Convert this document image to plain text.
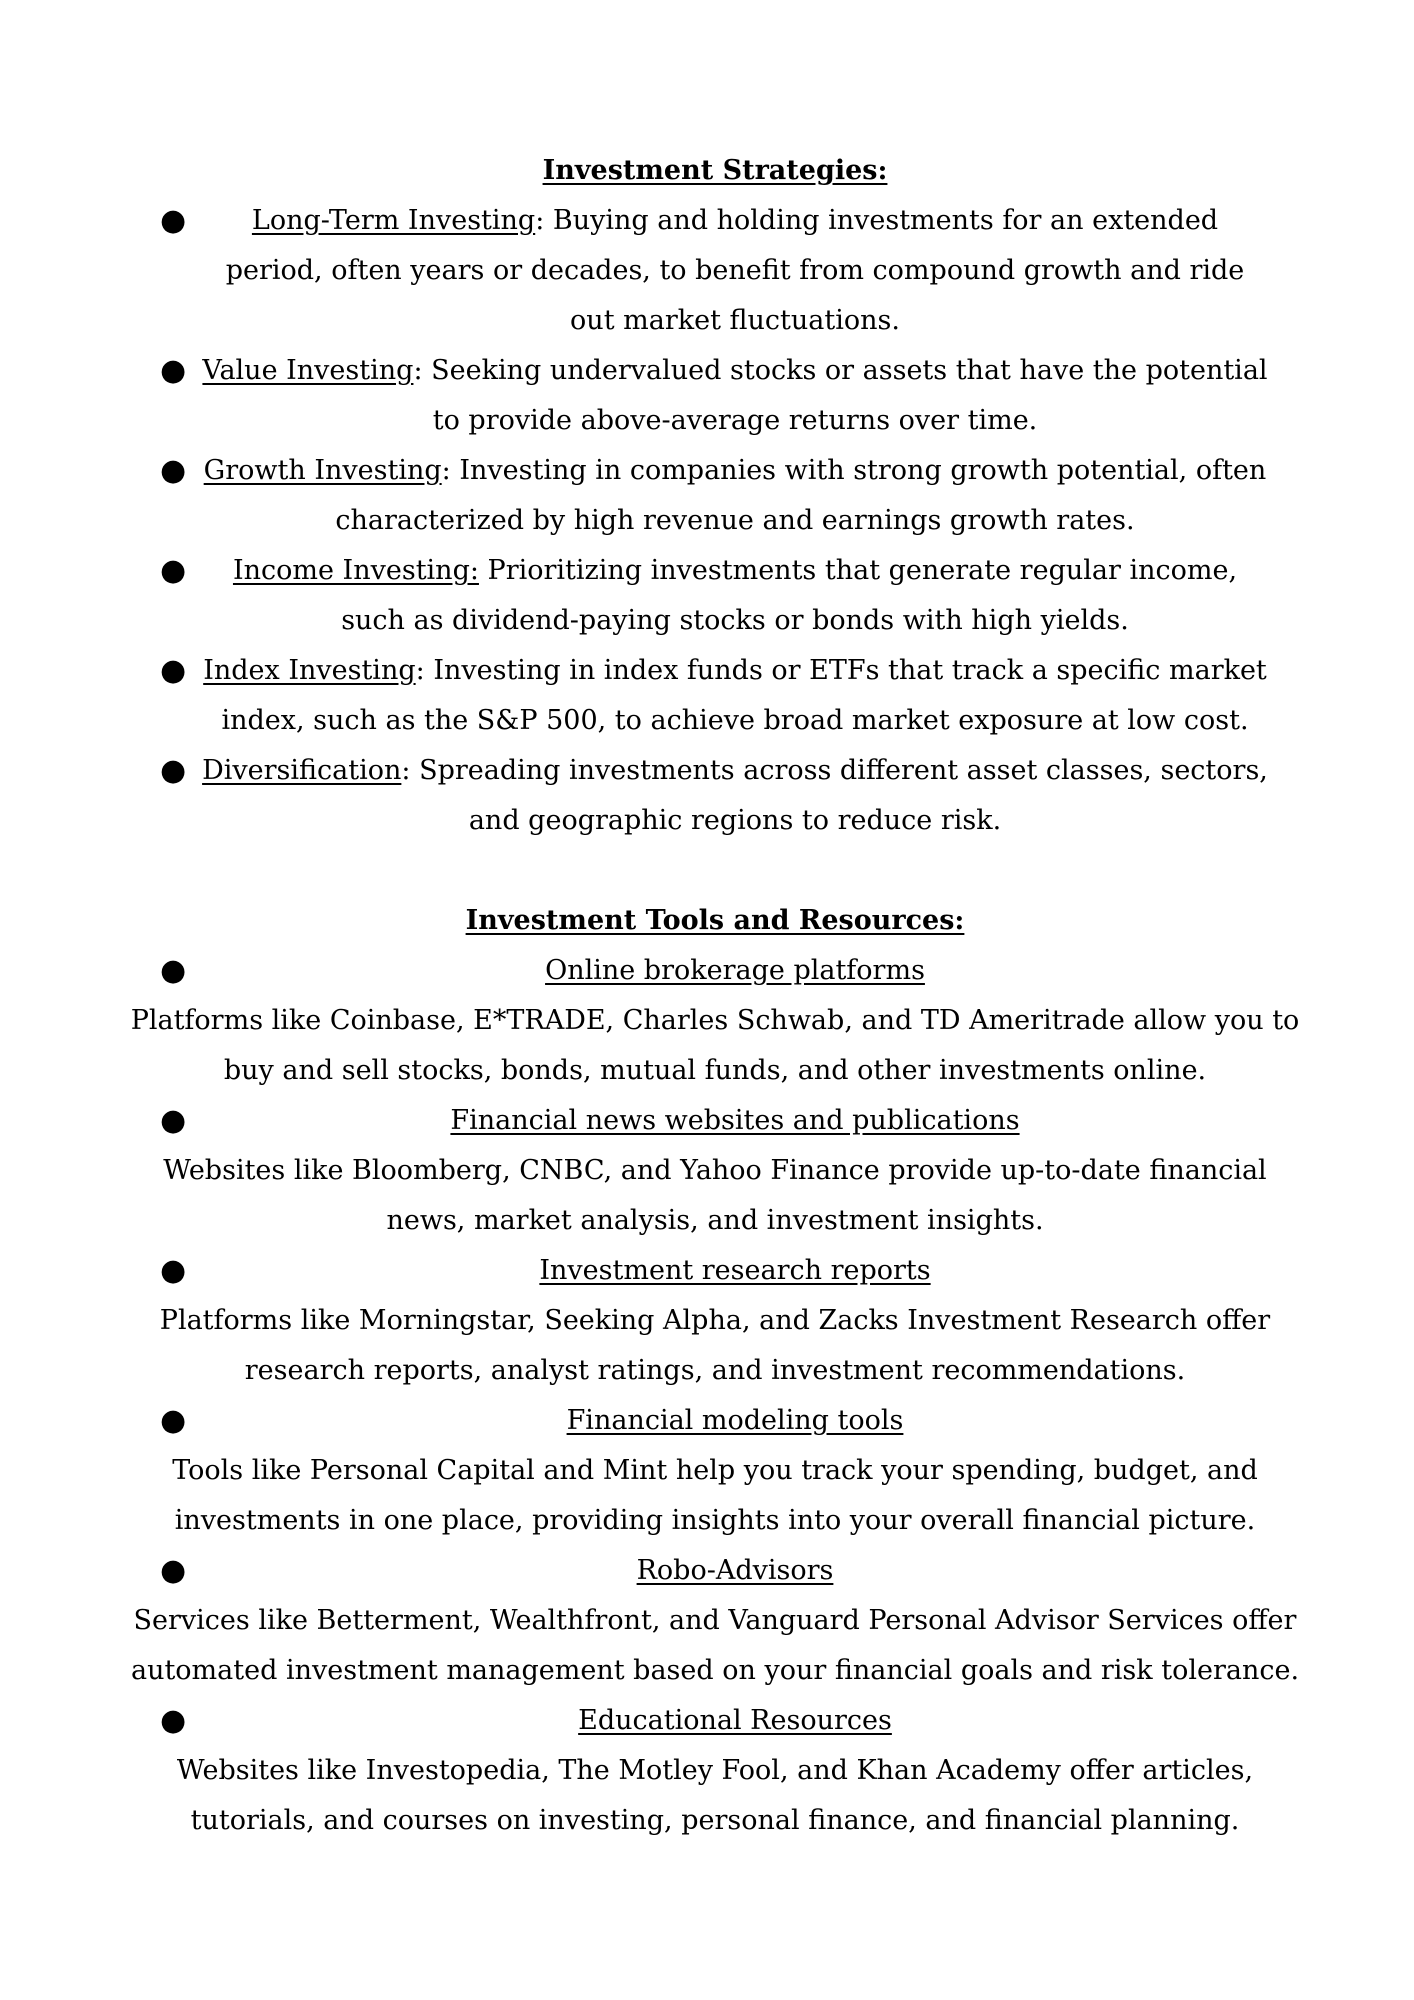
Investment Strategies:
● Long-Term Investing: Buying and holding investments for an extended period, often years or decades, to benefit from compound growth and ride out market fluctuations.
● Value Investing: Seeking undervalued stocks or assets that have the potential to provide above-average returns over time.
● Growth Investing: Investing in companies with strong growth potential, often characterized by high revenue and earnings growth rates.
● Income Investing: Prioritizing investments that generate regular income, such as dividend-paying stocks or bonds with high yields.
● Index Investing: Investing in index funds or ETFs that track a specific market index, such as the S&P 500, to achieve broad market exposure at low cost.
● Diversification: Spreading investments across different asset classes, sectors, and geographic regions to reduce risk.
Investment Tools and Resources:
●	Online brokerage platforms

Platforms like Coinbase, E*TRADE, Charles Schwab, and TD Ameritrade allow you to buy and sell stocks, bonds, mutual funds, and other investments online.

●	Financial news websites and publications

Websites like Bloomberg, CNBC, and Yahoo Finance provide up-to-date financial news, market analysis, and investment insights.

●	Investment research reports

Platforms like Morningstar, Seeking Alpha, and Zacks Investment Research offer research reports, analyst ratings, and investment recommendations.

●	Financial modeling tools

Tools like Personal Capital and Mint help you track your spending, budget, and investments in one place, providing insights into your overall financial picture.

●	Robo-Advisors

Services like Betterment, Wealthfront, and Vanguard Personal Advisor Services offer automated investment management based on your financial goals and risk tolerance.

●	Educational Resources

Websites like Investopedia, The Motley Fool, and Khan Academy offer articles, tutorials, and courses on investing, personal finance, and financial planning.
